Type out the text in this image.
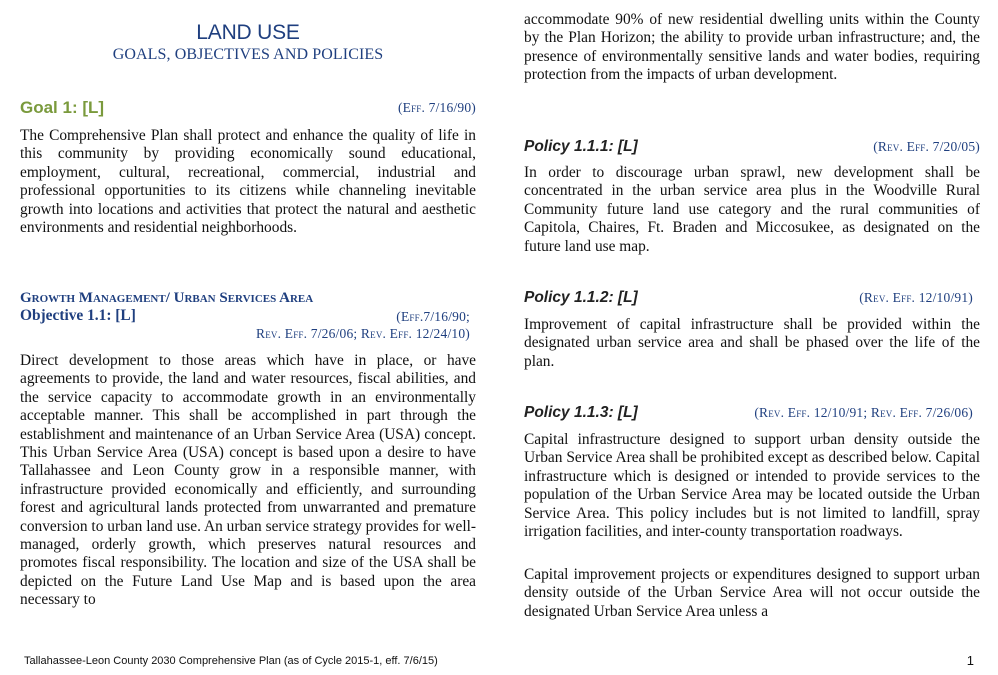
LAND USE
GOALS, OBJECTIVES AND POLICIES
Goal 1: [L]	(Eff. 7/16/90)

The Comprehensive Plan shall protect and enhance the quality of life in this community by providing economically sound educational, employment, cultural, recreational, commercial, industrial and professional opportunities to its citizens while channeling inevitable growth into locations and activities that protect the natural and aesthetic environments and residential neighborhoods.

Growth Management/ Urban Services Area
Objective 1.1: [L]	(Eff.7/16/90;
Rev. Eff. 7/26/06; Rev. Eff. 12/24/10)

Direct development to those areas which have in place, or have agreements to provide, the land and water resources, fiscal abilities, and the service capacity to accommodate growth in an environmentally acceptable manner. This shall be accomplished in part through the establishment and maintenance of an Urban Service Area (USA) concept. This Urban Service Area (USA) concept is based upon a desire to have Tallahassee and Leon County grow in a responsible manner, with infrastructure provided economically and efficiently, and surrounding forest and agricultural lands protected from unwarranted and premature conversion to urban land use. An urban service strategy provides for well-managed, orderly growth, which preserves natural resources and promotes fiscal responsibility. The location and size of the USA shall be depicted on the Future Land Use Map and is based upon the area necessary to

accommodate 90% of new residential dwelling units within the County by the Plan Horizon; the ability to provide urban infrastructure; and, the presence of environmentally sensitive lands and water bodies, requiring protection from the impacts of urban development.

Policy 1.1.1: [L]	(Rev. Eff. 7/20/05)

In order to discourage urban sprawl, new development shall be concentrated in the urban service area plus in the Woodville Rural Community future land use category and the rural communities of Capitola, Chaires, Ft. Braden and Miccosukee, as designated on the future land use map.

Policy 1.1.2: [L]	(Rev. Eff. 12/10/91)

Improvement of capital infrastructure shall be provided within the designated urban service area and shall be phased over the life of the plan.

Policy 1.1.3: [L]	(Rev. Eff. 12/10/91; Rev. Eff. 7/26/06)

Capital infrastructure designed to support urban density outside the Urban Service Area shall be prohibited except as described below. Capital infrastructure which is designed or intended to provide services to the population of the Urban Service Area may be located outside the Urban Service Area. This policy includes but is not limited to landfill, spray irrigation facilities, and inter-county transportation roadways.

Capital improvement projects or expenditures designed to support urban density outside of the Urban Service Area will not occur outside the designated Urban Service Area unless a

Tallahassee-Leon County 2030 Comprehensive Plan (as of Cycle 2015-1, eff. 7/6/15)	1
